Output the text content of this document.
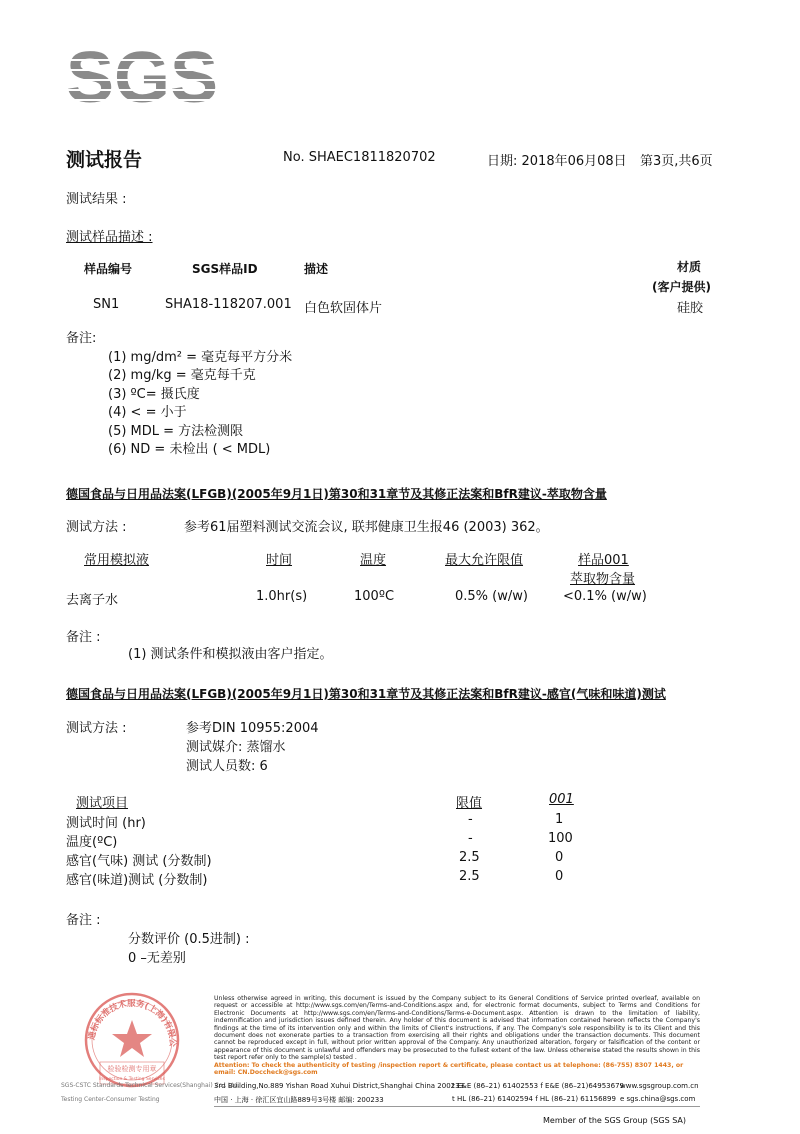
SGS
测试报告	No. SHAEC1811820702	日期: 2018年06月08日 第3页,共6页
测试结果 :
测试样品描述 :
样品编号	SGS样品ID	描述	材质
(客户提供)
SN1	SHA18-118207.001 白色软固体片	硅胶
备注:
(1) mg/dm² = 毫克每平方分米
(2) mg/kg = 毫克每千克
(3) ºC= 摄氏度
(4) < = 小于
(5) MDL = 方法检测限
(6) ND = 未检出 ( < MDL)
德国食品与日用品法案(LFGB)(2005年9月1日)第30和31章节及其修正法案和BfR建议-萃取物含量
测试方法 :	参考61届塑料测试交流会议, 联邦健康卫生报46 (2003) 362。
常用模拟液	时间	温度	最大允许限值	样品001
萃取物含量
去离子水	1.0hr(s)	100ºC	0.5% (w/w)	<0.1% (w/w)
备注 :
(1) 测试条件和模拟液由客户指定。
德国食品与日用品法案(LFGB)(2005年9月1日)第30和31章节及其修正法案和BfR建议-感官(气味和味道)测试
测试方法 :	参考DIN 10955:2004
测试媒介: 蒸馏水
测试人员数: 6
测试项目	限值	001
测试时间 (hr)	-	1
温度(ºC)	-	100
感官(气味) 测试 (分数制)	2.5	0
感官(味道)测试 (分数制)	2.5	0
备注 :
分数评价 (0.5进制) :
0 –无差别
通标标准技术服务(上海)有限公
检验检测专用章
Inspection & Testing Services
SGS-CSTC Standards Technical Services(Shanghai) Co., Ltd.
Testing Center-Consumer Testing
Unless otherwise agreed in writing, this document is issued by the Company subject to its General Conditions of Service printed overleaf, available on request or accessible at http://www.sgs.com/en/Terms-and-Conditions.aspx and, for electronic format documents, subject to Terms and Conditions for Electronic Documents at http://www.sgs.com/en/Terms-and-Conditions/Terms-e-Document.aspx. Attention is drawn to the limitation of liability, indemnification and jurisdiction issues defined therein. Any holder of this document is advised that information contained hereon reflects the Company's findings at the time of its intervention only and within the limits of Client's instructions, if any. The Company's sole responsibility is to its Client and this document does not exonerate parties to a transaction from exercising all their rights and obligations under the transaction documents. This document cannot be reproduced except in full, without prior written approval of the Company. Any unauthorized alteration, forgery or falsification of the content or appearance of this document is unlawful and offenders may be prosecuted to the fullest extent of the law. Unless otherwise stated the results shown in this test report refer only to the sample(s) tested .
Attention: To check the authenticity of testing /inspection report & certificate, please contact us at telephone: (86-755) 8307 1443, or email: CN.Doccheck@sgs.com
3rd Building,No.889 Yishan Road Xuhui District,Shanghai China 200233
t E&E (86–21) 61402553 f E&E (86–21)64953679
www.sgsgroup.com.cn
中国 · 上海 · 徐汇区宜山路889号3号楼 邮编: 200233	t HL (86–21) 61402594 f HL (86–21) 61156899 e sgs.china@sgs.com
Member of the SGS Group (SGS SA)
